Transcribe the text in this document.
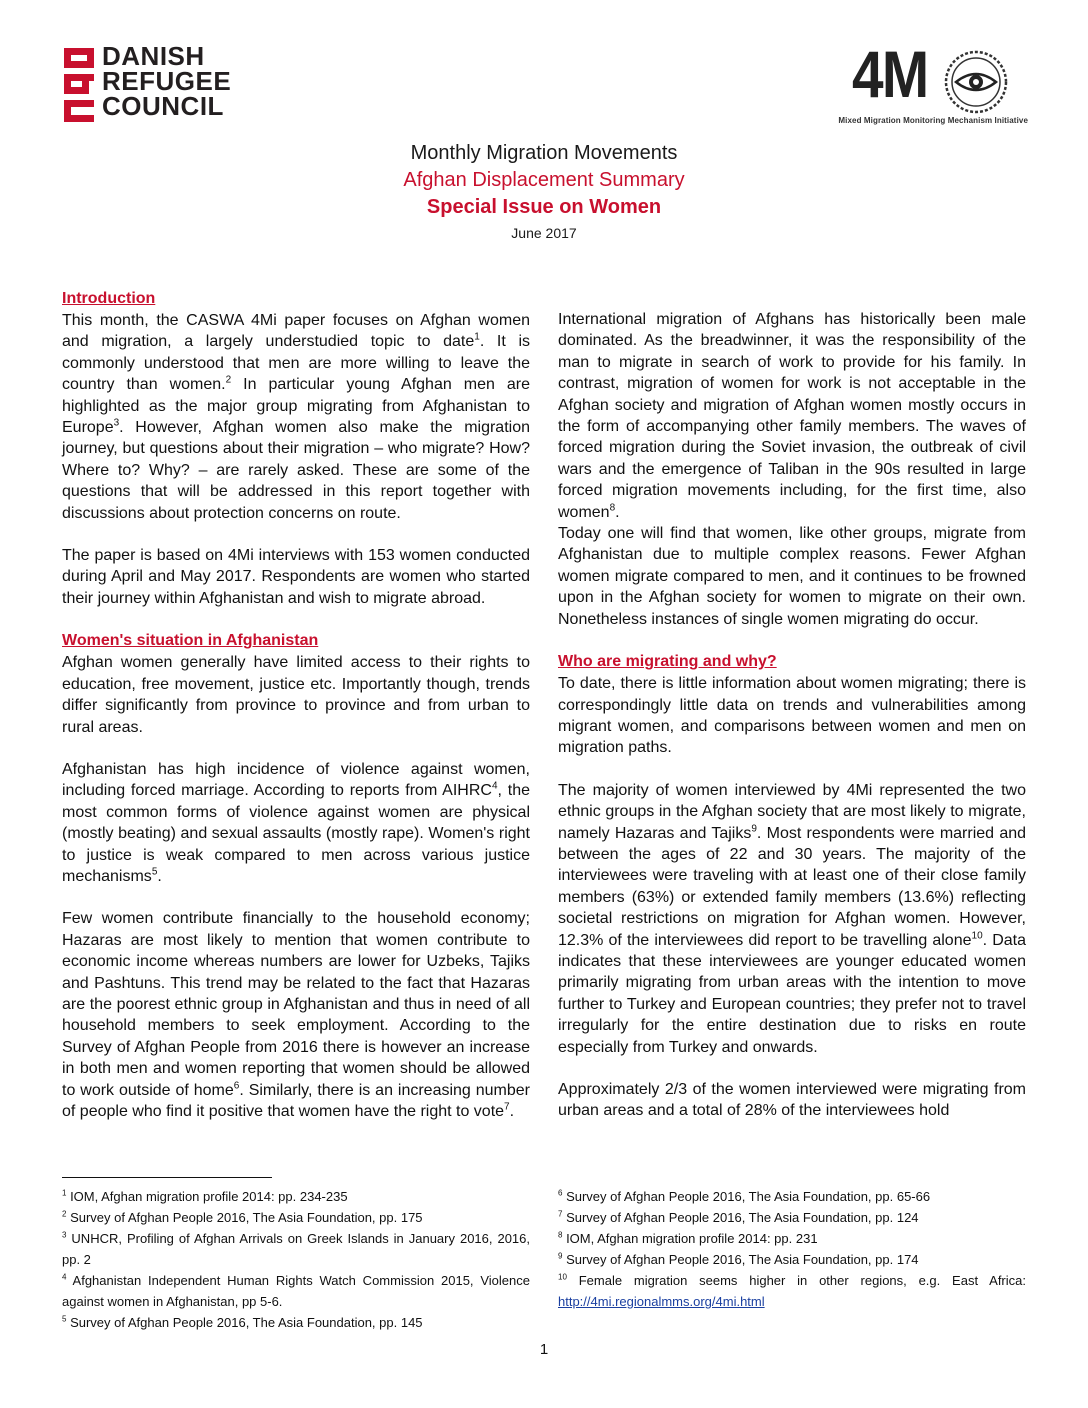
DANISH
REFUGEE
COUNCIL	4M
Mixed Migration Monitoring Mechanism Initiative
Monthly Migration Movements
Afghan Displacement Summary
Special Issue on Women
June 2017
Introduction

This month, the CASWA 4Mi paper focuses on Afghan women and migration, a largely understudied topic to date$^1$. It is commonly understood that men are more willing to leave the country than women.$^2$ In particular young Afghan men are highlighted as the major group migrating from Afghanistan to Europe$^3$. However, Afghan women also make the migration journey, but questions about their migration – who migrate? How? Where to? Why? – are rarely asked. These are some of the questions that will be addressed in this report together with discussions about protection concerns on route.

The paper is based on 4Mi interviews with 153 women conducted during April and May 2017. Respondents are women who started their journey within Afghanistan and wish to migrate abroad.

Women's situation in Afghanistan

Afghan women generally have limited access to their rights to education, free movement, justice etc. Importantly though, trends differ significantly from province to province and from urban to rural areas.

Afghanistan has high incidence of violence against women, including forced marriage. According to reports from AIHRC$^4$, the most common forms of violence against women are physical (mostly beating) and sexual assaults (mostly rape). Women's right to justice is weak compared to men across various justice mechanisms$^5$.

Few women contribute financially to the household economy; Hazaras are most likely to mention that women contribute to economic income whereas numbers are lower for Uzbeks, Tajiks and Pashtuns. This trend may be related to the fact that Hazaras are the poorest ethnic group in Afghanistan and thus in need of all household members to seek employment. According to the Survey of Afghan People from 2016 there is however an increase in both men and women reporting that women should be allowed to work outside of home$^6$. Similarly, there is an increasing number of people who find it positive that women have the right to vote$^7$.

International migration of Afghans has historically been male dominated. As the breadwinner, it was the responsibility of the man to migrate in search of work to provide for his family. In contrast, migration of women for work is not acceptable in the Afghan society and migration of Afghan women mostly occurs in the form of accompanying other family members. The waves of forced migration during the Soviet invasion, the outbreak of civil wars and the emergence of Taliban in the 90s resulted in large forced migration movements including, for the first time, also women$^8$.

Today one will find that women, like other groups, migrate from Afghanistan due to multiple complex reasons. Fewer Afghan women migrate compared to men, and it continues to be frowned upon in the Afghan society for women to migrate on their own. Nonetheless instances of single women migrating do occur.

Who are migrating and why?

To date, there is little information about women migrating; there is correspondingly little data on trends and vulnerabilities among migrant women, and comparisons between women and men on migration paths.

The majority of women interviewed by 4Mi represented the two ethnic groups in the Afghan society that are most likely to migrate, namely Hazaras and Tajiks$^9$. Most respondents were married and between the ages of 22 and 30 years. The majority of the interviewees were traveling with at least one of their close family members (63%) or extended family members (13.6%) reflecting societal restrictions on migration for Afghan women. However, 12.3% of the interviewees did report to be travelling alone$^{10}$. Data indicates that these interviewees are younger educated women primarily migrating from urban areas with the intention to move further to Turkey and European countries; they prefer not to travel irregularly for the entire destination due to risks en route especially from Turkey and onwards.

Approximately 2/3 of the women interviewed were migrating from urban areas and a total of 28% of the interviewees hold

$^1$ IOM, Afghan migration profile 2014: pp. 234-235

$^2$ Survey of Afghan People 2016, The Asia Foundation, pp. 175

$^3$ UNHCR, Profiling of Afghan Arrivals on Greek Islands in January 2016, 2016, pp. 2

$^4$ Afghanistan Independent Human Rights Watch Commission 2015, Violence against women in Afghanistan, pp 5-6.

$^5$ Survey of Afghan People 2016, The Asia Foundation, pp. 145

$^6$ Survey of Afghan People 2016, The Asia Foundation, pp. 65-66

$^7$ Survey of Afghan People 2016, The Asia Foundation, pp. 124

$^8$ IOM, Afghan migration profile 2014: pp. 231

$^9$ Survey of Afghan People 2016, The Asia Foundation, pp. 174

$^{10}$ Female migration seems higher in other regions, e.g. East Africa: http://4mi.regionalmms.org/4mi.html

1
